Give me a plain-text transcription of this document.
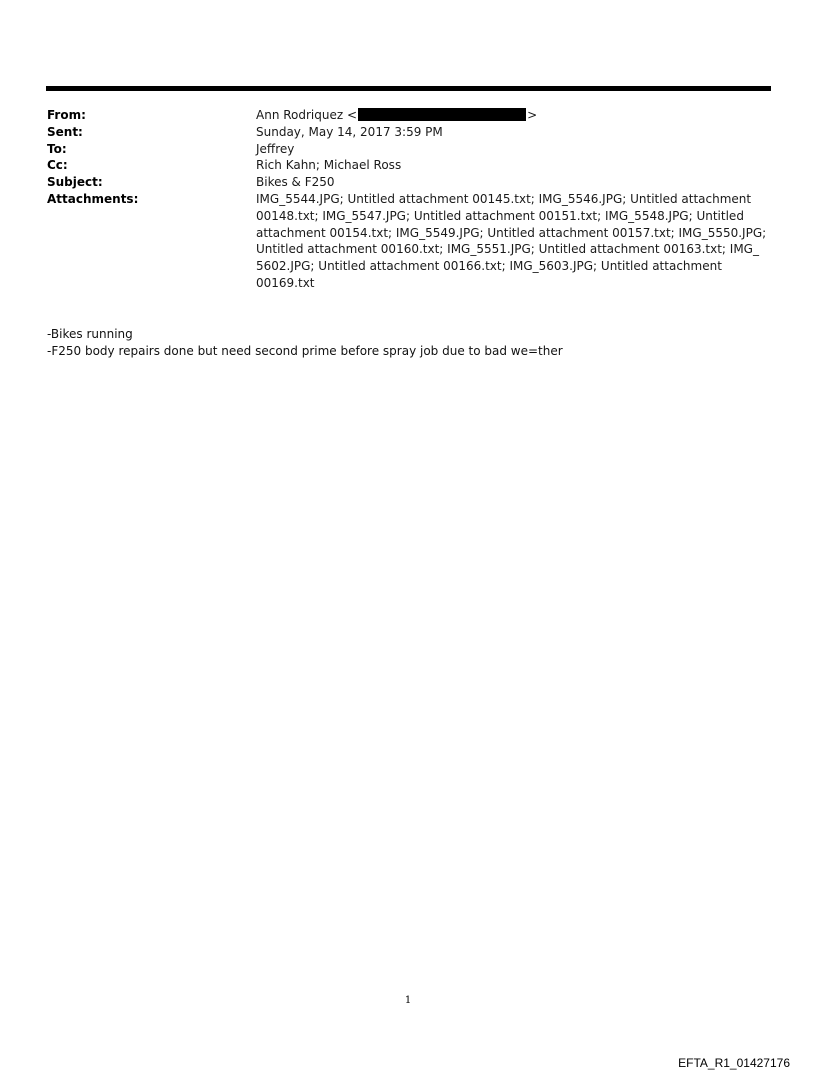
From:	Ann Rodriquez <	>
Sent:	Sunday, May 14, 2017 3:59 PM
To:	Jeffrey
Cc:	Rich Kahn; Michael Ross
Subject:	Bikes & F250
Attachments:	IMG_5544.JPG; Untitled attachment 00145.txt; IMG_5546.JPG; Untitled attachment 00148.txt; IMG_5547.JPG; Untitled attachment 00151.txt; IMG_5548.JPG; Untitled attachment 00154.txt; IMG_5549.JPG; Untitled attachment 00157.txt; IMG_5550.JPG; Untitled attachment 00160.txt; IMG_5551.JPG; Untitled attachment 00163.txt; IMG_ 5602.JPG; Untitled attachment 00166.txt; IMG_5603.JPG; Untitled attachment 00169.txt
-Bikes running
-F250 body repairs done but need second prime before spray job due to bad we=ther
1
EFTA_R1_01427176
